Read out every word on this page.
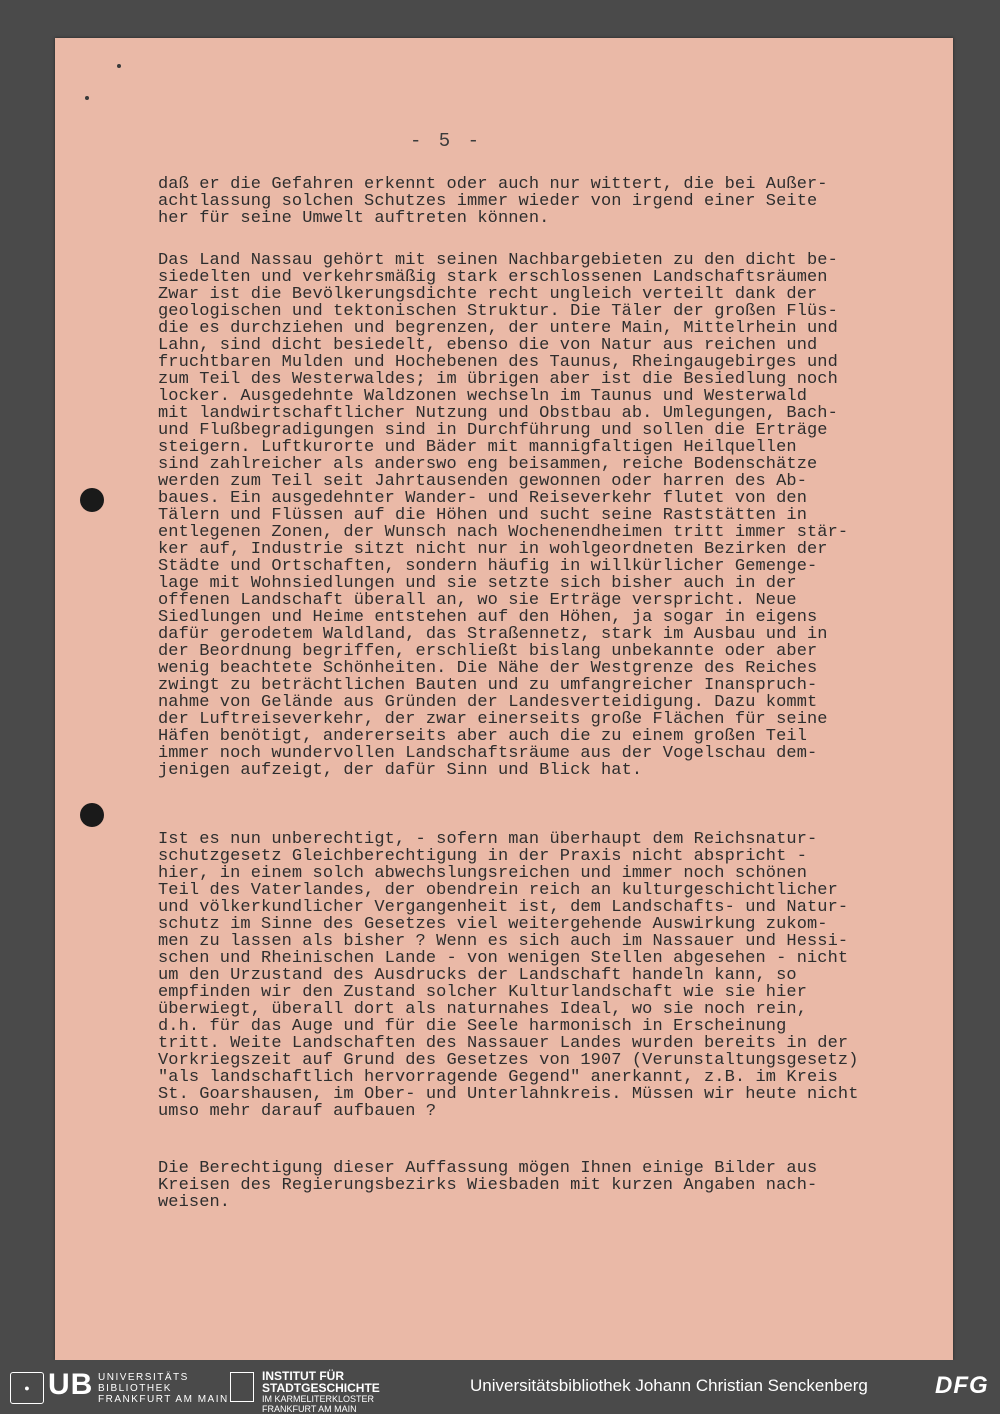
- 5 -
daß er die Gefahren erkennt oder auch nur wittert, die bei Außer-
achtlassung solchen Schutzes immer wieder von irgend einer Seite
her für seine Umwelt auftreten können.
Das Land Nassau gehört mit seinen Nachbargebieten zu den dicht be-
siedelten und verkehrsmäßig stark erschlossenen Landschaftsräumen
Zwar ist die Bevölkerungsdichte recht ungleich verteilt dank der
geologischen und tektonischen Struktur. Die Täler der großen Flüs-
die es durchziehen und begrenzen, der untere Main, Mittelrhein und
Lahn, sind dicht besiedelt, ebenso die von Natur aus reichen und
fruchtbaren Mulden und Hochebenen des Taunus, Rheingaugebirges und
zum Teil des Westerwaldes; im übrigen aber ist die Besiedlung noch
locker. Ausgedehnte Waldzonen wechseln im Taunus und Westerwald
mit landwirtschaftlicher Nutzung und Obstbau ab. Umlegungen, Bach-
und Flußbegradigungen sind in Durchführung und sollen die Erträge
steigern. Luftkurorte und Bäder mit mannigfaltigen Heilquellen
sind zahlreicher als anderswo eng beisammen, reiche Bodenschätze
werden zum Teil seit Jahrtausenden gewonnen oder harren des Ab-
baues. Ein ausgedehnter Wander- und Reiseverkehr flutet von den
Tälern und Flüssen auf die Höhen und sucht seine Raststätten in
entlegenen Zonen, der Wunsch nach Wochenendheimen tritt immer stär-
ker auf, Industrie sitzt nicht nur in wohlgeordneten Bezirken der
Städte und Ortschaften, sondern häufig in willkürlicher Gemenge-
lage mit Wohnsiedlungen und sie setzte sich bisher auch in der
offenen Landschaft überall an, wo sie Erträge verspricht. Neue
Siedlungen und Heime entstehen auf den Höhen, ja sogar in eigens
dafür gerodetem Waldland, das Straßennetz, stark im Ausbau und in
der Beordnung begriffen, erschließt bislang unbekannte oder aber
wenig beachtete Schönheiten. Die Nähe der Westgrenze des Reiches
zwingt zu beträchtlichen Bauten und zu umfangreicher Inanspruch-
nahme von Gelände aus Gründen der Landesverteidigung. Dazu kommt
der Luftreiseverkehr, der zwar einerseits große Flächen für seine
Häfen benötigt, andererseits aber auch die zu einem großen Teil
immer noch wundervollen Landschaftsräume aus der Vogelschau dem-
jenigen aufzeigt, der dafür Sinn und Blick hat.
Ist es nun unberechtigt, - sofern man überhaupt dem Reichsnatur-
schutzgesetz Gleichberechtigung in der Praxis nicht abspricht -
hier, in einem solch abwechslungsreichen und immer noch schönen
Teil des Vaterlandes, der obendrein reich an kulturgeschichtlicher
und völkerkundlicher Vergangenheit ist, dem Landschafts- und Natur-
schutz im Sinne des Gesetzes viel weitergehende Auswirkung zukom-
men zu lassen als bisher ? Wenn es sich auch im Nassauer und Hessi-
schen und Rheinischen Lande - von wenigen Stellen abgesehen - nicht
um den Urzustand des Ausdrucks der Landschaft handeln kann, so
empfinden wir den Zustand solcher Kulturlandschaft wie sie hier
überwiegt, überall dort als naturnahes Ideal, wo sie noch rein,
d.h. für das Auge und für die Seele harmonisch in Erscheinung
tritt. Weite Landschaften des Nassauer Landes wurden bereits in der
Vorkriegszeit auf Grund des Gesetzes von 1907 (Verunstaltungsgesetz)
"als landschaftlich hervorragende Gegend" anerkannt, z.B. im Kreis
St. Goarshausen, im Ober- und Unterlahnkreis. Müssen wir heute nicht
umso mehr darauf aufbauen ?
Die Berechtigung dieser Auffassung mögen Ihnen einige Bilder aus
Kreisen des Regierungsbezirks Wiesbaden mit kurzen Angaben nach-
weisen.
● UB UNIVERSITÄTS
BIBLIOTHEK
FRANKFURT AM MAIN
INSTITUT FÜR
STADTGESCHICHTE
IM KARMELITERKLOSTER
FRANKFURT AM MAIN
Universitätsbibliothek Johann Christian Senckenberg	DFG
